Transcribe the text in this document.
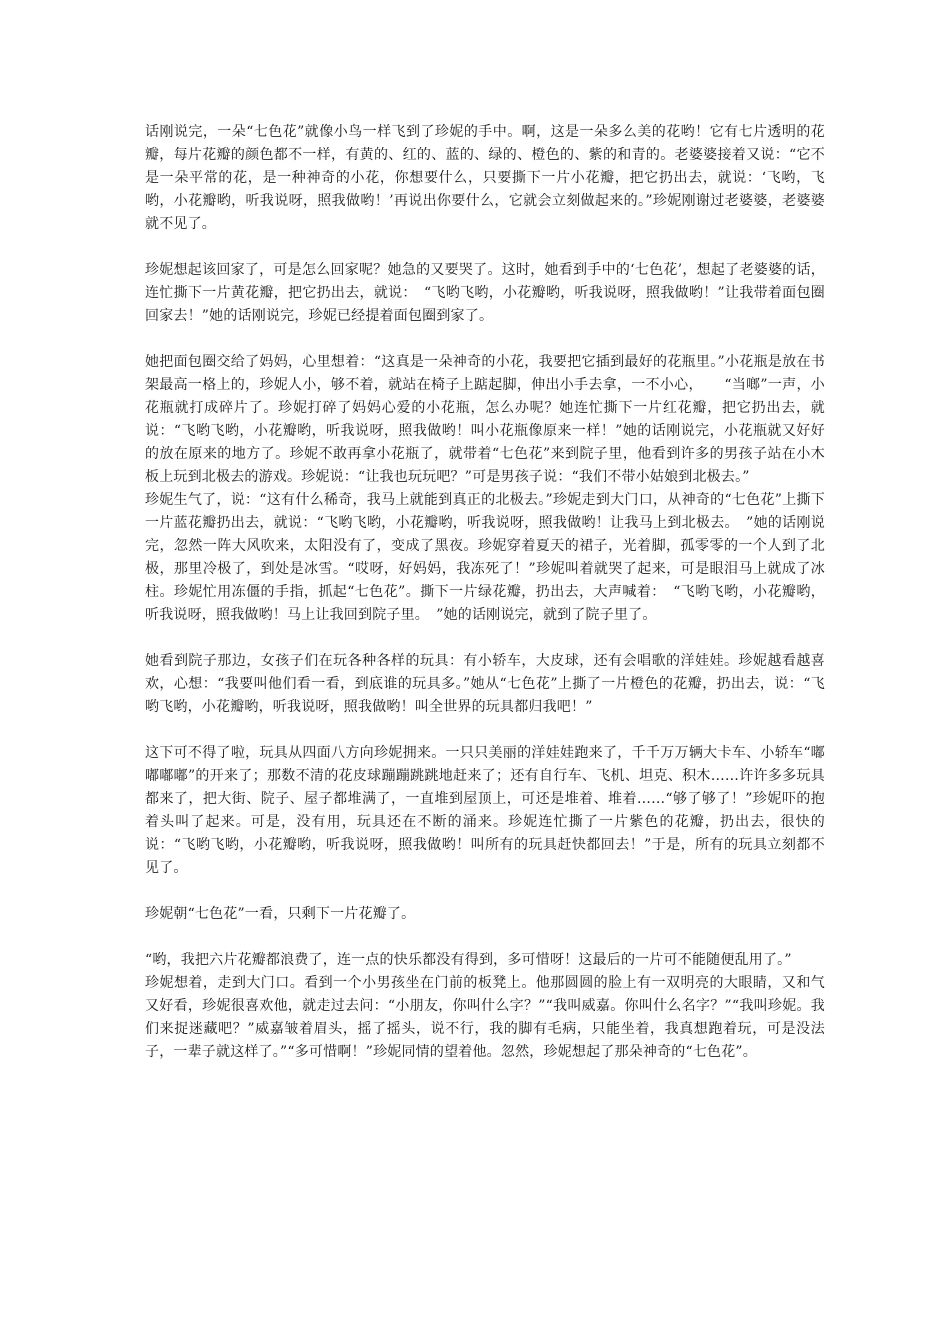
话刚说完，一朵“七色花”就像小鸟一样飞到了珍妮的手中。啊，这是一朵多么美的花哟！它有七片透明的花瓣，每片花瓣的颜色都不一样，有黄的、红的、蓝的、绿的、橙色的、紫的和青的。老婆婆接着又说：“它不是一朵平常的花，是一种神奇的小花，你想要什么，只要撕下一片小花瓣，把它扔出去，就说：‘飞哟，飞哟，小花瓣哟，听我说呀，照我做哟！’再说出你要什么，它就会立刻做起来的。”珍妮刚谢过老婆婆，老婆婆就不见了。

珍妮想起该回家了，可是怎么回家呢？她急的又要哭了。这时，她看到手中的‘七色花’，想起了老婆婆的话，连忙撕下一片黄花瓣，把它扔出去，就说：　“飞哟飞哟，小花瓣哟，听我说呀，照我做哟！”让我带着面包圈回家去！”她的话刚说完，珍妮已经提着面包圈到家了。

她把面包圈交给了妈妈，心里想着：“这真是一朵神奇的小花，我要把它插到最好的花瓶里。”小花瓶是放在书架最高一格上的，珍妮人小，够不着，就站在椅子上踮起脚，伸出小手去拿，一不小心，　　“当啷”一声，小花瓶就打成碎片了。珍妮打碎了妈妈心爱的小花瓶，怎么办呢？她连忙撕下一片红花瓣，把它扔出去，就说：“飞哟飞哟，小花瓣哟，听我说呀，照我做哟！叫小花瓶像原来一样！”她的话刚说完，小花瓶就又好好的放在原来的地方了。珍妮不敢再拿小花瓶了，就带着“七色花”来到院子里，他看到许多的男孩子站在小木板上玩到北极去的游戏。珍妮说：“让我也玩玩吧？”可是男孩子说：“我们不带小姑娘到北极去。”

珍妮生气了，说：“这有什么稀奇，我马上就能到真正的北极去。”珍妮走到大门口，从神奇的“七色花”上撕下一片蓝花瓣扔出去，就说：“飞哟飞哟，小花瓣哟，听我说呀，照我做哟！让我马上到北极去。　”她的话刚说完，忽然一阵大风吹来，太阳没有了，变成了黑夜。珍妮穿着夏天的裙子，光着脚，孤零零的一个人到了北极，那里冷极了，到处是冰雪。“哎呀，好妈妈，我冻死了！”珍妮叫着就哭了起来，可是眼泪马上就成了冰柱。珍妮忙用冻僵的手指，抓起“七色花”。撕下一片绿花瓣，扔出去，大声喊着：　“飞哟飞哟，小花瓣哟，听我说呀，照我做哟！马上让我回到院子里。　”她的话刚说完，就到了院子里了。

她看到院子那边，女孩子们在玩各种各样的玩具：有小轿车，大皮球，还有会唱歌的洋娃娃。珍妮越看越喜欢，心想：“我要叫他们看一看，到底谁的玩具多。”她从“七色花”上撕了一片橙色的花瓣，扔出去，说：“飞哟飞哟，小花瓣哟，听我说呀，照我做哟！叫全世界的玩具都归我吧！”

这下可不得了啦，玩具从四面八方向珍妮拥来。一只只美丽的洋娃娃跑来了，千千万万辆大卡车、小轿车“嘟嘟嘟嘟”的开来了；那数不清的花皮球蹦蹦跳跳地赶来了；还有自行车、飞机、坦克、积木……许许多多玩具都来了，把大街、院子、屋子都堆满了，一直堆到屋顶上，可还是堆着、堆着……“够了够了！”珍妮吓的抱着头叫了起来。可是，没有用，玩具还在不断的涌来。珍妮连忙撕了一片紫色的花瓣，扔出去，很快的说：“飞哟飞哟，小花瓣哟，听我说呀，照我做哟！叫所有的玩具赶快都回去！”于是，所有的玩具立刻都不见了。

珍妮朝“七色花”一看，只剩下一片花瓣了。

“哟，我把六片花瓣都浪费了，连一点的快乐都没有得到，多可惜呀！这最后的一片可不能随便乱用了。”

珍妮想着，走到大门口。看到一个小男孩坐在门前的板凳上。他那圆圆的脸上有一双明亮的大眼睛，又和气又好看，珍妮很喜欢他，就走过去问：“小朋友，你叫什么字？”“我叫威嘉。你叫什么名字？”“我叫珍妮。我们来捉迷藏吧？”威嘉皱着眉头，摇了摇头，说不行，我的脚有毛病，只能坐着，我真想跑着玩，可是没法子，一辈子就这样了。”“多可惜啊！”珍妮同情的望着他。忽然，珍妮想起了那朵神奇的“七色花”。
